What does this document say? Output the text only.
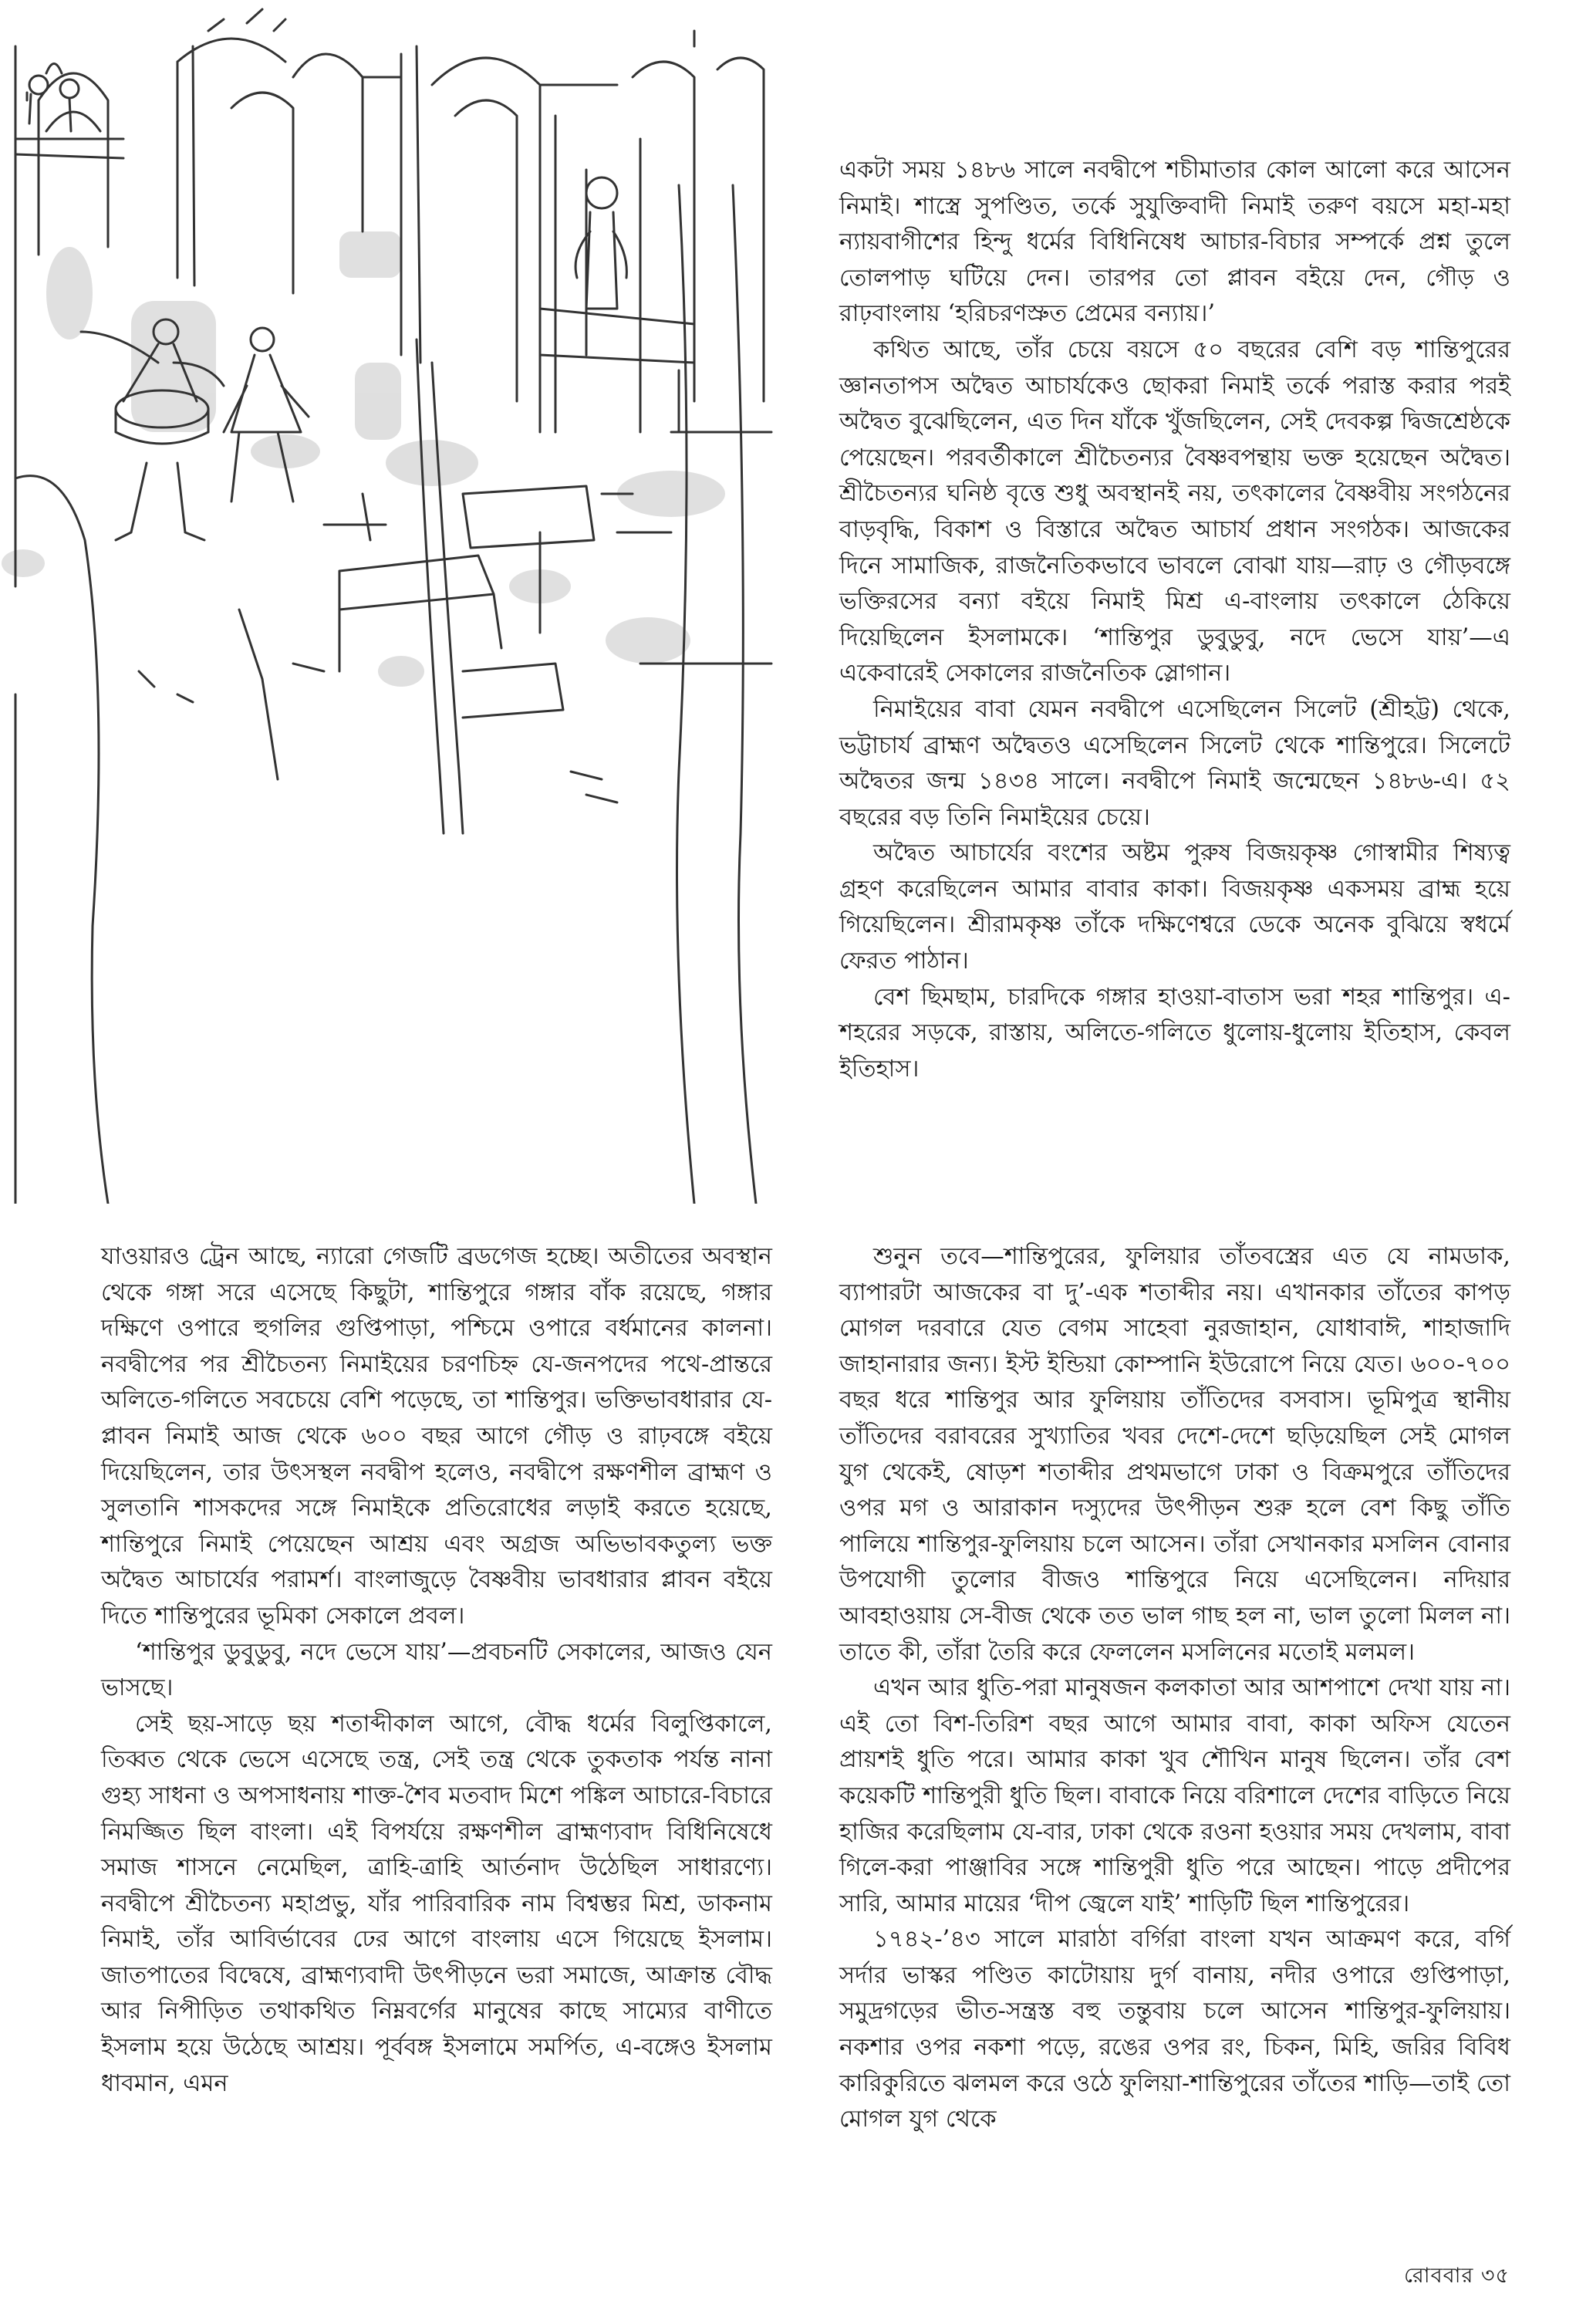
একটা সময় ১৪৮৬ সালে নবদ্বীপে শচীমাতার কোল আলো করে আসেন নিমাই। শাস্ত্রে সুপণ্ডিত, তর্কে সুযুক্তিবাদী নিমাই তরুণ বয়সে মহা-মহা ন্যায়বাগীশের হিন্দু ধর্মের বিধিনিষেধ আচার-বিচার সম্পর্কে প্রশ্ন তুলে তোলপাড় ঘটিয়ে দেন। তারপর তো প্লাবন বইয়ে দেন, গৌড় ও রাঢ়বাংলায় ‘হরিচরণস্রুত প্রেমের বন্যায়।’

কথিত আছে, তাঁর চেয়ে বয়সে ৫০ বছরের বেশি বড় শান্তিপুরের জ্ঞানতাপস অদ্বৈত আচার্যকেও ছোকরা নিমাই তর্কে পরাস্ত করার পরই অদ্বৈত বুঝেছিলেন, এত দিন যাঁকে খুঁজছিলেন, সেই দেবকল্প দ্বিজশ্রেষ্ঠকে পেয়েছেন। পরবর্তীকালে শ্রীচৈতন্যর বৈষ্ণবপন্থায় ভক্ত হয়েছেন অদ্বৈত। শ্রীচৈতন্যর ঘনিষ্ঠ বৃত্তে শুধু অবস্থানই নয়, তৎকালের বৈষ্ণবীয় সংগঠনের বাড়বৃদ্ধি, বিকাশ ও বিস্তারে অদ্বৈত আচার্য প্রধান সংগঠক। আজকের দিনে সামাজিক, রাজনৈতিকভাবে ভাবলে বোঝা যায়—রাঢ় ও গৌড়বঙ্গে ভক্তিরসের বন্যা বইয়ে নিমাই মিশ্র এ-বাংলায় তৎকালে ঠেকিয়ে দিয়েছিলেন ইসলামকে। ‘শান্তিপুর ডুবুডুবু, নদে ভেসে যায়’—এ একেবারেই সেকালের রাজনৈতিক স্লোগান।

নিমাইয়ের বাবা যেমন নবদ্বীপে এসেছিলেন সিলেট (শ্রীহট্ট) থেকে, ভট্টাচার্য ব্রাহ্মণ অদ্বৈতও এসেছিলেন সিলেট থেকে শান্তিপুরে। সিলেটে অদ্বৈতর জন্ম ১৪৩৪ সালে। নবদ্বীপে নিমাই জন্মেছেন ১৪৮৬-এ। ৫২ বছরের বড় তিনি নিমাইয়ের চেয়ে।

অদ্বৈত আচার্যের বংশের অষ্টম পুরুষ বিজয়কৃষ্ণ গোস্বামীর শিষ্যত্ব গ্রহণ করেছিলেন আমার বাবার কাকা। বিজয়কৃষ্ণ একসময় ব্রাহ্ম হয়ে গিয়েছিলেন। শ্রীরামকৃষ্ণ তাঁকে দক্ষিণেশ্বরে ডেকে অনেক বুঝিয়ে স্বধর্মে ফেরত পাঠান।

বেশ ছিমছাম, চারদিকে গঙ্গার হাওয়া-বাতাস ভরা শহর শান্তিপুর। এ-শহরের সড়কে, রাস্তায়, অলিতে-গলিতে ধুলোয়-ধুলোয় ইতিহাস, কেবল ইতিহাস।

যাওয়ারও ট্রেন আছে, ন্যারো গেজটি ব্রডগেজ হচ্ছে। অতীতের অবস্থান থেকে গঙ্গা সরে এসেছে কিছুটা, শান্তিপুরে গঙ্গার বাঁক রয়েছে, গঙ্গার দক্ষিণে ওপারে হুগলির গুপ্তিপাড়া, পশ্চিমে ওপারে বর্ধমানের কালনা। নবদ্বীপের পর শ্রীচৈতন্য নিমাইয়ের চরণচিহ্ন যে-জনপদের পথে-প্রান্তরে অলিতে-গলিতে সবচেয়ে বেশি পড়েছে, তা শান্তিপুর। ভক্তিভাবধারার যে-প্লাবন নিমাই আজ থেকে ৬০০ বছর আগে গৌড় ও রাঢ়বঙ্গে বইয়ে দিয়েছিলেন, তার উৎসস্থল নবদ্বীপ হলেও, নবদ্বীপে রক্ষণশীল ব্রাহ্মণ ও সুলতানি শাসকদের সঙ্গে নিমাইকে প্রতিরোধের লড়াই করতে হয়েছে, শান্তিপুরে নিমাই পেয়েছেন আশ্রয় এবং অগ্রজ অভিভাবকতুল্য ভক্ত অদ্বৈত আচার্যের পরামর্শ। বাংলাজুড়ে বৈষ্ণবীয় ভাবধারার প্লাবন বইয়ে দিতে শান্তিপুরের ভূমিকা সেকালে প্রবল।

‘শান্তিপুর ডুবুডুবু, নদে ভেসে যায়’—প্রবচনটি সেকালের, আজও যেন ভাসছে।

সেই ছয়-সাড়ে ছয় শতাব্দীকাল আগে, বৌদ্ধ ধর্মের বিলুপ্তিকালে, তিব্বত থেকে ভেসে এসেছে তন্ত্র, সেই তন্ত্র থেকে তুকতাক পর্যন্ত নানা গুহ্য সাধনা ও অপসাধনায় শাক্ত-শৈব মতবাদ মিশে পঙ্কিল আচারে-বিচারে নিমজ্জিত ছিল বাংলা। এই বিপর্যয়ে রক্ষণশীল ব্রাহ্মণ্যবাদ বিধিনিষেধে সমাজ শাসনে নেমেছিল, ত্রাহি-ত্রাহি আর্তনাদ উঠেছিল সাধারণ্যে। নবদ্বীপে শ্রীচৈতন্য মহাপ্রভু, যাঁর পারিবারিক নাম বিশ্বম্ভর মিশ্র, ডাকনাম নিমাই, তাঁর আবির্ভাবের ঢের আগে বাংলায় এসে গিয়েছে ইসলাম। জাতপাতের বিদ্বেষে, ব্রাহ্মণ্যবাদী উৎপীড়নে ভরা সমাজে, আক্রান্ত বৌদ্ধ আর নিপীড়িত তথাকথিত নিম্নবর্গের মানুষের কাছে সাম্যের বাণীতে ইসলাম হয়ে উঠেছে আশ্রয়। পূর্ববঙ্গ ইসলামে সমর্পিত, এ-বঙ্গেও ইসলাম ধাবমান, এমন

শুনুন তবে—শান্তিপুরের, ফুলিয়ার তাঁতবস্ত্রের এত যে নামডাক, ব্যাপারটা আজকের বা দু’-এক শতাব্দীর নয়। এখানকার তাঁতের কাপড় মোগল দরবারে যেত বেগম সাহেবা নুরজাহান, যোধাবাঈ, শাহাজাদি জাহানারার জন্য। ইস্ট ইন্ডিয়া কোম্পানি ইউরোপে নিয়ে যেত। ৬০০-৭০০ বছর ধরে শান্তিপুর আর ফুলিয়ায় তাঁতিদের বসবাস। ভূমিপুত্র স্থানীয় তাঁতিদের বরাবরের সুখ্যাতির খবর দেশে-দেশে ছড়িয়েছিল সেই মোগল যুগ থেকেই, ষোড়শ শতাব্দীর প্রথমভাগে ঢাকা ও বিক্রমপুরে তাঁতিদের ওপর মগ ও আরাকান দস্যুদের উৎপীড়ন শুরু হলে বেশ কিছু তাঁতি পালিয়ে শান্তিপুর-ফুলিয়ায় চলে আসেন। তাঁরা সেখানকার মসলিন বোনার উপযোগী তুলোর বীজও শান্তিপুরে নিয়ে এসেছিলেন। নদিয়ার আবহাওয়ায় সে-বীজ থেকে তত ভাল গাছ হল না, ভাল তুলো মিলল না। তাতে কী, তাঁরা তৈরি করে ফেললেন মসলিনের মতোই মলমল।

এখন আর ধুতি-পরা মানুষজন কলকাতা আর আশপাশে দেখা যায় না। এই তো বিশ-তিরিশ বছর আগে আমার বাবা, কাকা অফিস যেতেন প্রায়শই ধুতি পরে। আমার কাকা খুব শৌখিন মানুষ ছিলেন। তাঁর বেশ কয়েকটি শান্তিপুরী ধুতি ছিল। বাবাকে নিয়ে বরিশালে দেশের বাড়িতে নিয়ে হাজির করেছিলাম যে-বার, ঢাকা থেকে রওনা হওয়ার সময় দেখলাম, বাবা গিলে-করা পাঞ্জাবির সঙ্গে শান্তিপুরী ধুতি পরে আছেন। পাড়ে প্রদীপের সারি, আমার মায়ের ‘দীপ জ্বেলে যাই’ শাড়িটি ছিল শান্তিপুরের।

১৭৪২-’৪৩ সালে মারাঠা বর্গিরা বাংলা যখন আক্রমণ করে, বর্গি সর্দার ভাস্কর পণ্ডিত কাটোয়ায় দুর্গ বানায়, নদীর ওপারে গুপ্তিপাড়া, সমুদ্রগড়ের ভীত-সন্ত্রস্ত বহু তন্তুবায় চলে আসেন শান্তিপুর-ফুলিয়ায়। নকশার ওপর নকশা পড়ে, রঙের ওপর রং, চিকন, মিহি, জরির বিবিধ কারিকুরিতে ঝলমল করে ওঠে ফুলিয়া-শান্তিপুরের তাঁতের শাড়ি—তাই তো মোগল যুগ থেকে

রোববার ৩৫
